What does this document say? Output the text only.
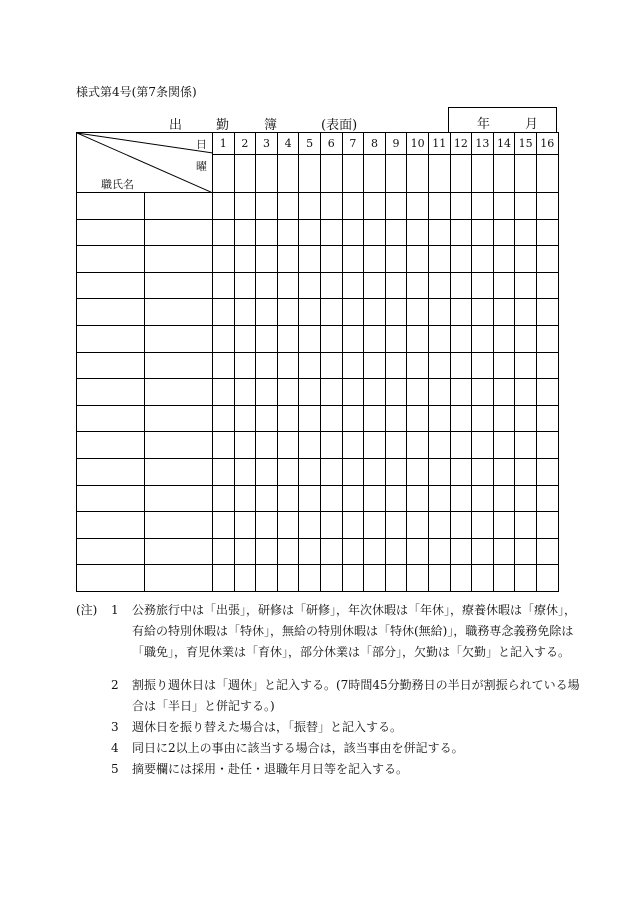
様式第4号(第7条関係)
出	勤	簿	(表面)	年	月
日
曜
職氏名		1	2	3	4	5	6	7	8	9	10	11	12	13	14	15	16

(注) 1	公務旅行中は「出張」，研修は「研修」，年次休暇は「年休」，療養休暇は「療休」，有給の特別休暇は「特休」，無給の特別休暇は「特休(無給)」，職務専念義務免除は「職免」，育児休業は「育休」，部分休業は「部分」，欠勤は「欠勤」と記入する。
2	割振り週休日は「週休」と記入する。(7時間45分勤務日の半日が割振られている場合は「半日」と併記する。)
3	週休日を振り替えた場合は，「振替」と記入する。
4	同日に2以上の事由に該当する場合は，該当事由を併記する。
5	摘要欄には採用・赴任・退職年月日等を記入する。
